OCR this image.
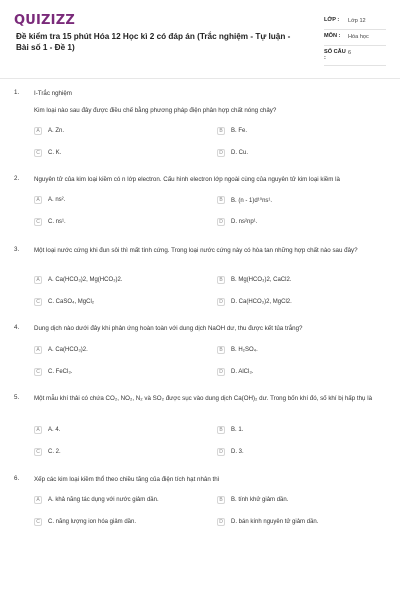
QUIZIZZ
Đề kiểm tra 15 phút Hóa 12 Học kì 2 có đáp án (Trắc nghiệm - Tự luận - Bài số 1 - Đề 1)
LỚP :	Lớp 12
MÔN :	Hóa học
SỐ CÂU :
6
1. I-Trắc nghiệm
Kim loại nào sau đây được điều chế bằng phương pháp điện phân hợp chất nóng chảy?
A	A. Zn.	B	B. Fe.
C	C. K.	D	D. Cu.
2. Nguyên tử của kim loại kiềm có n lớp electron. Cấu hình electron lớp ngoài cùng của nguyên tử kim loại kiềm là
A	A. ns².	B	B. (n - 1)d¹⁰ns¹.
C	C. ns¹.	D	D. ns²np¹.
3. Một loại nước cứng khi đun sôi thì mất tính cứng. Trong loại nước cứng này có hòa tan những hợp chất nào sau đây?
A	A. Ca(HCO₃)2, Mg(HCO₃)2.	B	B. Mg(HCO₃)2, CaCl2.
C	C. CaSO₄, MgCl₂	D	D. Ca(HCO₃)2, MgCl2.
4. Dung dịch nào dưới đây khi phản ứng hoàn toàn với dung dịch NaOH dư, thu được kết tủa trắng?
A	A. Ca(HCO₃)2.	B	B. H₂SO₄.
C	C. FeCl₃.	D	D. AlCl₃.
5. Một mẫu khí thải có chứa CO₂, NO₂, N₂ và SO₂ được sục vào dung dịch Ca(OH)₂ dư. Trong bốn khí đó, số khí bị hấp thụ là
A	A. 4.	B	B. 1.
C	C. 2.	D	D. 3.
6. Xếp các kim loại kiềm thổ theo chiều tăng của điện tích hạt nhân thì
A	A. khả năng tác dụng với nước giảm dần.	B	B. tính khử giảm dần.
C	C. năng lượng ion hóa giảm dần.	D	D. bán kính nguyên tử giảm dần.
